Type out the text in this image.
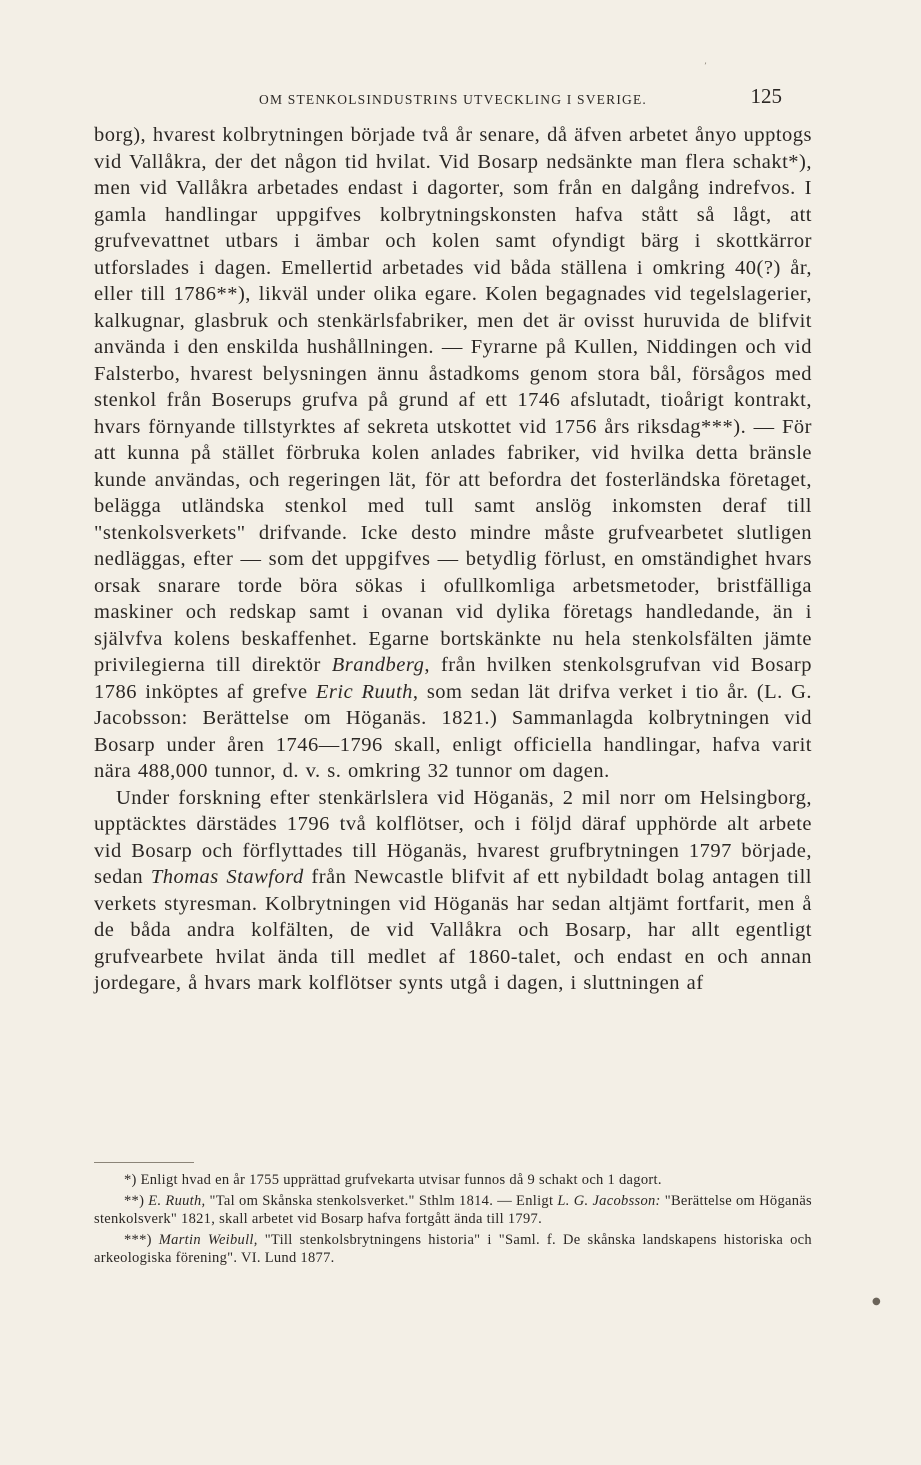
ʼ
OM STENKOLSINDUSTRINS UTVECKLING I SVERIGE.	125

borg), hvarest kolbrytningen började två år senare, då äfven arbetet ånyo upptogs vid Vallåkra, der det någon tid hvilat. Vid Bosarp nedsänkte man flera schakt*), men vid Vallåkra arbetades endast i dagorter, som från en dalgång indrefvos. I gamla handlingar uppgifves kolbrytningskonsten hafva stått så lågt, att grufvevattnet utbars i ämbar och kolen samt ofyndigt bärg i skottkärror utforslades i dagen. Emellertid arbetades vid båda ställena i omkring 40(?) år, eller till 1786**), likväl under olika egare. Kolen begagnades vid tegelslagerier, kalkugnar, glasbruk och stenkärlsfabriker, men det är ovisst huruvida de blifvit använda i den enskilda hushållningen. — Fyrarne på Kullen, Niddingen och vid Falsterbo, hvarest belysningen ännu åstadkoms genom stora bål, försågos med stenkol från Boserups grufva på grund af ett 1746 afslutadt, tioårigt kontrakt, hvars förnyande tillstyrktes af sekreta utskottet vid 1756 års riksdag***). — För att kunna på stället förbruka kolen anlades fabriker, vid hvilka detta bränsle kunde användas, och regeringen lät, för att befordra det fosterländska företaget, belägga utländska stenkol med tull samt anslög inkomsten deraf till "stenkolsverkets" drifvande. Icke desto mindre måste grufvearbetet slutligen nedläggas, efter — som det uppgifves — betydlig förlust, en omständighet hvars orsak snarare torde böra sökas i ofullkomliga arbetsmetoder, bristfälliga maskiner och redskap samt i ovanan vid dylika företags handledande, än i självfva kolens beskaffenhet. Egarne bortskänkte nu hela stenkolsfälten jämte privilegierna till direktör Brandberg, från hvilken stenkolsgrufvan vid Bosarp 1786 inköptes af grefve Eric Ruuth, som sedan lät drifva verket i tio år. (L. G. Jacobsson: Berättelse om Höganäs. 1821.) Sammanlagda kolbrytningen vid Bosarp under åren 1746—1796 skall, enligt officiella handlingar, hafva varit nära 488,000 tunnor, d. v. s. omkring 32 tunnor om dagen.

Under forskning efter stenkärlslera vid Höganäs, 2 mil norr om Helsingborg, upptäcktes därstädes 1796 två kolflötser, och i följd däraf upphörde alt arbete vid Bosarp och förflyttades till Höganäs, hvarest grufbrytningen 1797 började, sedan Thomas Stawford från Newcastle blifvit af ett nybildadt bolag antagen till verkets styresman. Kolbrytningen vid Höganäs har sedan altjämt fortfarit, men å de båda andra kolfälten, de vid Vallåkra och Bosarp, har allt egentligt grufvearbete hvilat ända till medlet af 1860-talet, och endast en och annan jordegare, å hvars mark kolflötser synts utgå i dagen, i sluttningen af

*) Enligt hvad en år 1755 upprättad grufvekarta utvisar funnos då 9 schakt och 1 dagort.

**) E. Ruuth, "Tal om Skånska stenkolsverket." Sthlm 1814. — Enligt L. G. Jacobsson: "Berättelse om Höganäs stenkolsverk" 1821, skall arbetet vid Bosarp hafva fortgått ända till 1797.

***) Martin Weibull, "Till stenkolsbrytningens historia" i "Saml. f. De skånska landskapens historiska och arkeologiska förening". VI. Lund 1877.

●
